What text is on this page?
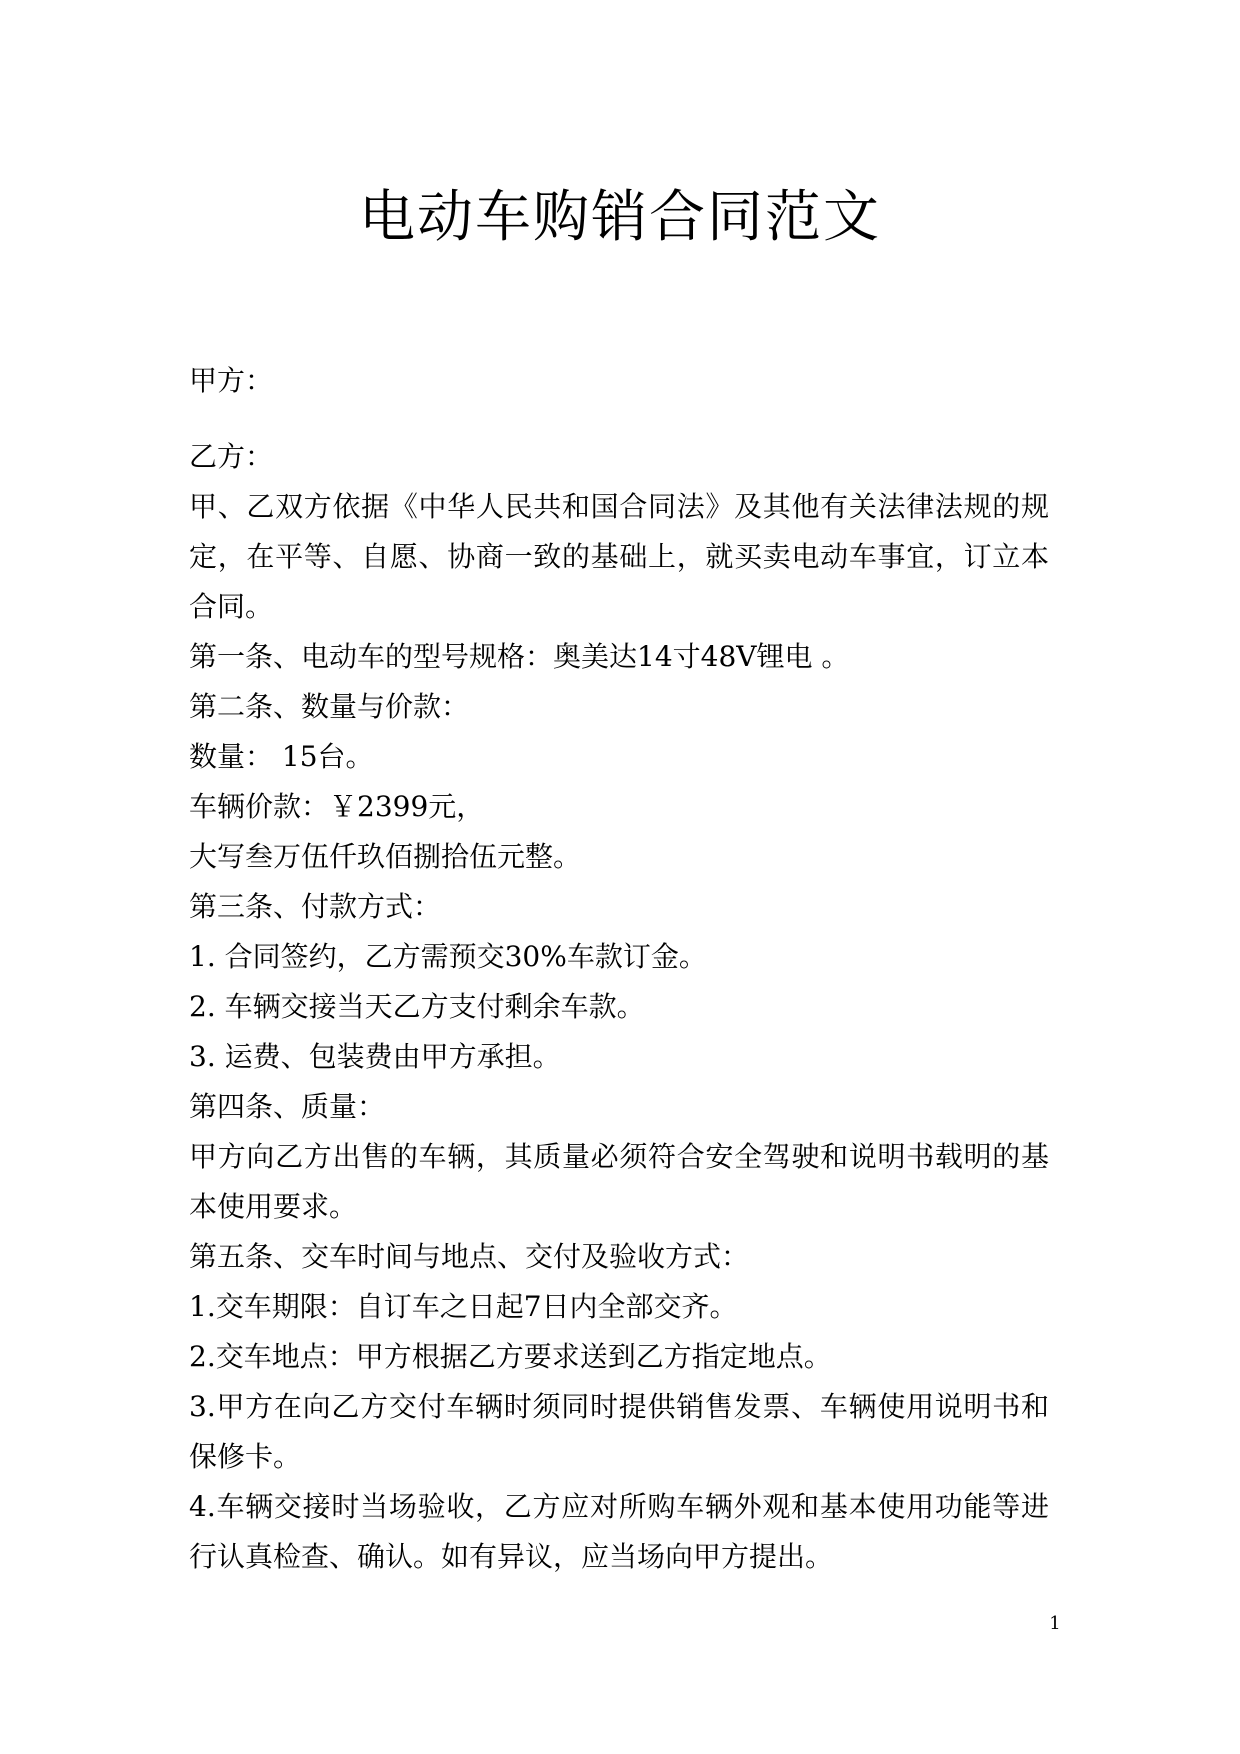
电动车购销合同范文
甲方：
乙方：
甲、乙双方依据《中华人民共和国合同法》及其他有关法律法规的规定，在平等、自愿、协商一致的基础上，就买卖电动车事宜，订立本合同。
第一条、电动车的型号规格：奥美达14寸48V锂电 。
第二条、数量与价款：
数量： 15台。
车辆价款：￥2399元，
大写叁万伍仟玖佰捌拾伍元整。
第三条、付款方式：
1. 合同签约，乙方需预交30%车款订金。
2. 车辆交接当天乙方支付剩余车款。
3. 运费、包装费由甲方承担。
第四条、质量：
甲方向乙方出售的车辆，其质量必须符合安全驾驶和说明书载明的基本使用要求。
第五条、交车时间与地点、交付及验收方式：
1.交车期限：自订车之日起7日内全部交齐。
2.交车地点：甲方根据乙方要求送到乙方指定地点。
3.甲方在向乙方交付车辆时须同时提供销售发票、车辆使用说明书和保修卡。
4.车辆交接时当场验收，乙方应对所购车辆外观和基本使用功能等进行认真检查、确认。如有异议，应当场向甲方提出。
1
